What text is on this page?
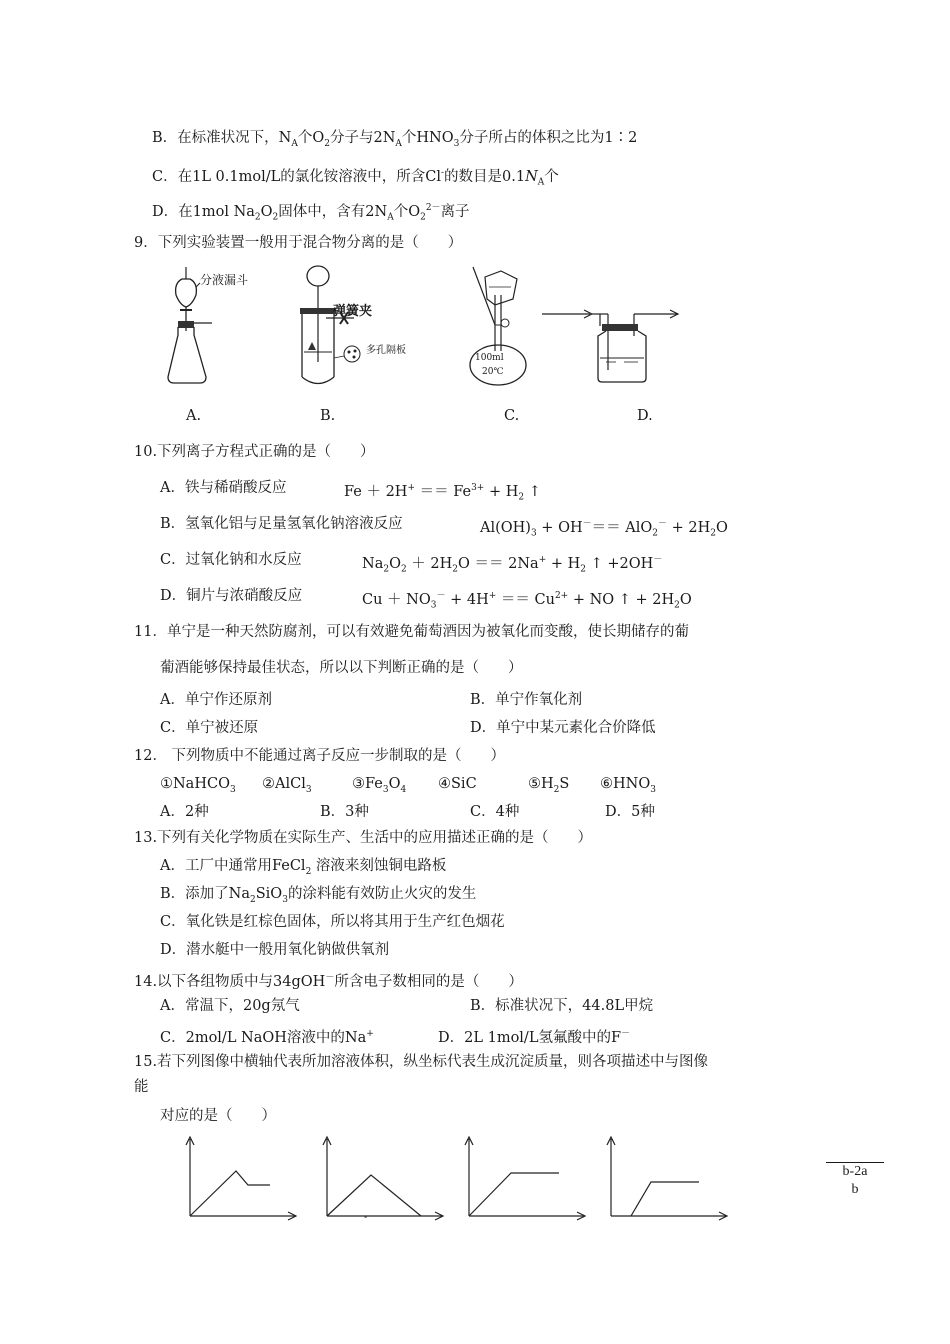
B．在标准状况下，$N_A$个$O_2$分子与$2N_A$个$HNO_3$分子所占的体积之比为1∶2
C．在1L 0.1mol/L的氯化铵溶液中，所含Cl-的数目是$0.1N_A$个
D．在1mol $Na_2O_2$固体中，含有$2N_A$个$O_2^{2-}$离子
9．下列实验装置一般用于混合物分离的是（　　）
分液漏斗
弹簧夹
多孔隔板
100ml
20℃
A.	B.	C.	D.
10.下列离子方程式正确的是（　　）
A．铁与稀硝酸反应	$Fe + 2H^+ == Fe^{3+} + H_2$ ↑
B．氢氧化铝与足量氢氧化钠溶液反应	$Al(OH)_3 + OH^-== AlO_2^- + 2H_2O$
C．过氧化钠和水反应	$Na_2O_2 + 2H_2O == 2Na^+ + H_2$ ↑ +2OH－
D．铜片与浓硝酸反应	$Cu + NO_3^- + 4H^+ == Cu^{2+}$ + NO ↑ + $2H_2O$
11．单宁是一种天然防腐剂，可以有效避免葡萄酒因为被氧化而变酸，使长期储存的葡
葡酒能够保持最佳状态，所以以下判断正确的是（　　）
A．单宁作还原剂	B．单宁作氧化剂
C．单宁被还原	D．单宁中某元素化合价降低
12． 下列物质中不能通过离子反应一步制取的是（　　）
①NaHCO$_3$ ②AlCl$_3$	$③Fe_3O_4$ ④SiC	$⑤H_2S$ $⑥HNO_3$
A．2种	B．3种	C．4种	D．5种
13.下列有关化学物质在实际生产、生活中的应用描述正确的是（　　）
A．工厂中通常用FeCl$_2$ 溶液来刻蚀铜电路板
B．添加了$Na_2SiO_3$的涂料能有效防止火灾的发生
C．氧化铁是红棕色固体，所以将其用于生产红色烟花
D．潜水艇中一般用氧化钠做供氧剂
14.以下各组物质中与34gOH－所含电子数相同的是（　　）
A．常温下，20g氖气	B．标准状况下，44.8L甲烷
C．2mol/L NaOH溶液中的Na+	D．2L 1mol/L氢氟酸中的F－
15.若下列图像中横轴代表所加溶液体积，纵坐标代表生成沉淀质量，则各项描述中与图像
能
对应的是（　　）
-
b-2a
b
